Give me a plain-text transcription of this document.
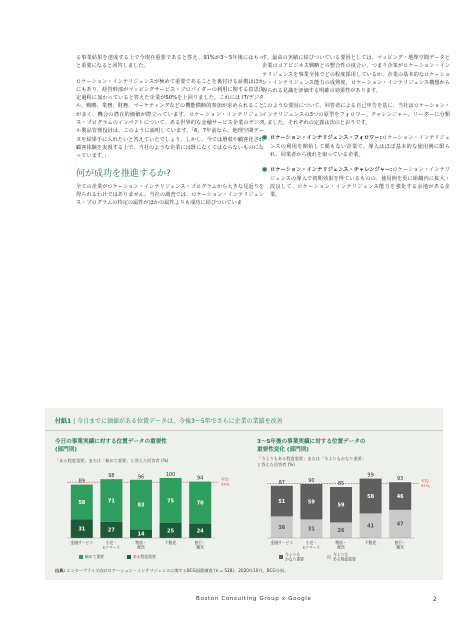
る事業結果を達成する上で今現在重要であると答え、91%が3〜5年後にはもっと重要になると回答しました。

ロケーション・インテリジェンスが極めて重要であることを裏付ける証拠はほかにもあり、経営幹部がマッピングサービス・プロバイダーの利用に関する意思決定過程に加わっていると答えた企業が50%を上回りました。これには IT/デジタル、戦略、業務、財務、マーケティングなどの機能横断的参加が求められることが多く、機会の潜在的価値が際立っています。ロケーション・インテリジェンス・プログラムのインパクトについて、ある世界的な金融サービス企業のデジタル製品管理役員は、このように説明しています。「6、7年前なら、地理空間データを結果手に入れたいと答えていたでしょう。しかし、今では増収や顧客化され顧客体験を実現する上で、当社のような企業には既になくてはならないものになっています。」

何が成功を推進するか?

全ての企業がロケーション・インテリジェンス・プログラムから大きな見返りを得られるわけではありません。当社の調査では、ロケーション・インテリジェンス・プログラムの特定の属性がほかの属性よりも成功に結びついていま

す。最高の実績に結びついている要因としては、マッピング・地理空間データと企業のコアビジネス戦略との整合性の度合い、つまり企業がロケーション・インテリジェンスを事業全体でどの程度採用しているか、企業の基本的なロケーション・インテリジェンス能力の成熟度、ロケーション・インテリジェンス構想から得られる見識を評価する明確の効果性があります。

このような要因について、回答者による自己申告を基に、当社はロケーション・インテリジェンスの3つの原型をフォロワー、チャレンジャー、リーダーに分類しました。それぞれの定義は次のとおりです。

● ロケーション・インテリジェンス・フォロワー:ロケーション・インテリジェンスの利用を開始して間もない企業で、導入はほぼ基本的な使用例に限られ、同業者から後れを取っている企業。
● ロケーション・インテリジェンス・チャレンジャー:ロケーション・インテリジェンスの導入で初期効果を得ているものの、使用例を更に組織内に拡大・改良して、ロケーション・インテリジェンス能力を強化する余地がある企業。
付紙1 | 今日までに価値がある位置データは、今後3〜5年でさらに企業の業績を改善
今日の事業実績に対する位置データの重要性
(部門別)
「ある程度重要」または「極めて重要」と答えた回答者 (%)
3〜5年後の事業実績に対する位置データの
重要性変化 (部門別)
「今よりもある程度重要」または「今よりもかなり重要」
と答えた回答者 (%)
平均 93%
31
58
89
金融サービス
27
71
98
小売・ eコマース
14
83
96
物流・配送
25
75
100
不動産
24
70
94
旅行・観光
極めて重要	ある程度重要
平均 91%
36
51
87
金融サービス
31
59
90
小売・ eコマース
26
59
85
物流・配送
41
58
99
不動産
47
46
93
旅行・観光
今よりもかなり重要
今よりもある程度重要
出典: エンタープライズ向けロケーション・インテリジェンスに関するBCG国際調査 (n = 528)、2020年10月。BCG分析。
Boston Consulting Group x Google	2
